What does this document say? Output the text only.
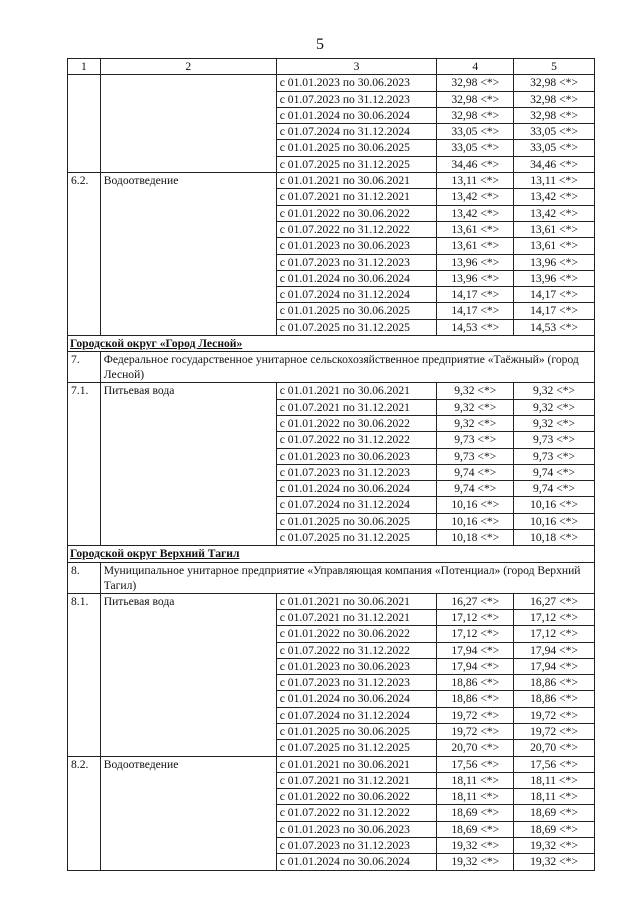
5
1	2	3	4	5
		с 01.01.2023 по 30.06.2023	32,98 <*>	32,98 <*>
		с 01.07.2023 по 31.12.2023	32,98 <*>	32,98 <*>
		с 01.01.2024 по 30.06.2024	32,98 <*>	32,98 <*>
		с 01.07.2024 по 31.12.2024	33,05 <*>	33,05 <*>
		с 01.01.2025 по 30.06.2025	33,05 <*>	33,05 <*>
		с 01.07.2025 по 31.12.2025	34,46 <*>	34,46 <*>
6.2.	Водоотведение	с 01.01.2021 по 30.06.2021	13,11 <*>	13,11 <*>
		с 01.07.2021 по 31.12.2021	13,42 <*>	13,42 <*>
		с 01.01.2022 по 30.06.2022	13,42 <*>	13,42 <*>
		с 01.07.2022 по 31.12.2022	13,61 <*>	13,61 <*>
		с 01.01.2023 по 30.06.2023	13,61 <*>	13,61 <*>
		с 01.07.2023 по 31.12.2023	13,96 <*>	13,96 <*>
		с 01.01.2024 по 30.06.2024	13,96 <*>	13,96 <*>
		с 01.07.2024 по 31.12.2024	14,17 <*>	14,17 <*>
		с 01.01.2025 по 30.06.2025	14,17 <*>	14,17 <*>
		с 01.07.2025 по 31.12.2025	14,53 <*>	14,53 <*>
Городской округ «Город Лесной»				
7.	Федеральное государственное унитарное сельскохозяйственное предприятие «Таёжный» (город Лесной)			
7.1.	Питьевая вода	с 01.01.2021 по 30.06.2021	9,32 <*>	9,32 <*>
		с 01.07.2021 по 31.12.2021	9,32 <*>	9,32 <*>
		с 01.01.2022 по 30.06.2022	9,32 <*>	9,32 <*>
		с 01.07.2022 по 31.12.2022	9,73 <*>	9,73 <*>
		с 01.01.2023 по 30.06.2023	9,73 <*>	9,73 <*>
		с 01.07.2023 по 31.12.2023	9,74 <*>	9,74 <*>
		с 01.01.2024 по 30.06.2024	9,74 <*>	9,74 <*>
		с 01.07.2024 по 31.12.2024	10,16 <*>	10,16 <*>
		с 01.01.2025 по 30.06.2025	10,16 <*>	10,16 <*>
		с 01.07.2025 по 31.12.2025	10,18 <*>	10,18 <*>
Городской округ Верхний Тагил				
8.	Муниципальное унитарное предприятие «Управляющая компания «Потенциал» (город Верхний Тагил)			
8.1.	Питьевая вода	с 01.01.2021 по 30.06.2021	16,27 <*>	16,27 <*>
		с 01.07.2021 по 31.12.2021	17,12 <*>	17,12 <*>
		с 01.01.2022 по 30.06.2022	17,12 <*>	17,12 <*>
		с 01.07.2022 по 31.12.2022	17,94 <*>	17,94 <*>
		с 01.01.2023 по 30.06.2023	17,94 <*>	17,94 <*>
		с 01.07.2023 по 31.12.2023	18,86 <*>	18,86 <*>
		с 01.01.2024 по 30.06.2024	18,86 <*>	18,86 <*>
		с 01.07.2024 по 31.12.2024	19,72 <*>	19,72 <*>
		с 01.01.2025 по 30.06.2025	19,72 <*>	19,72 <*>
		с 01.07.2025 по 31.12.2025	20,70 <*>	20,70 <*>
8.2.	Водоотведение	с 01.01.2021 по 30.06.2021	17,56 <*>	17,56 <*>
		с 01.07.2021 по 31.12.2021	18,11 <*>	18,11 <*>
		с 01.01.2022 по 30.06.2022	18,11 <*>	18,11 <*>
		с 01.07.2022 по 31.12.2022	18,69 <*>	18,69 <*>
		с 01.01.2023 по 30.06.2023	18,69 <*>	18,69 <*>
		с 01.07.2023 по 31.12.2023	19,32 <*>	19,32 <*>
		с 01.01.2024 по 30.06.2024	19,32 <*>	19,32 <*>
